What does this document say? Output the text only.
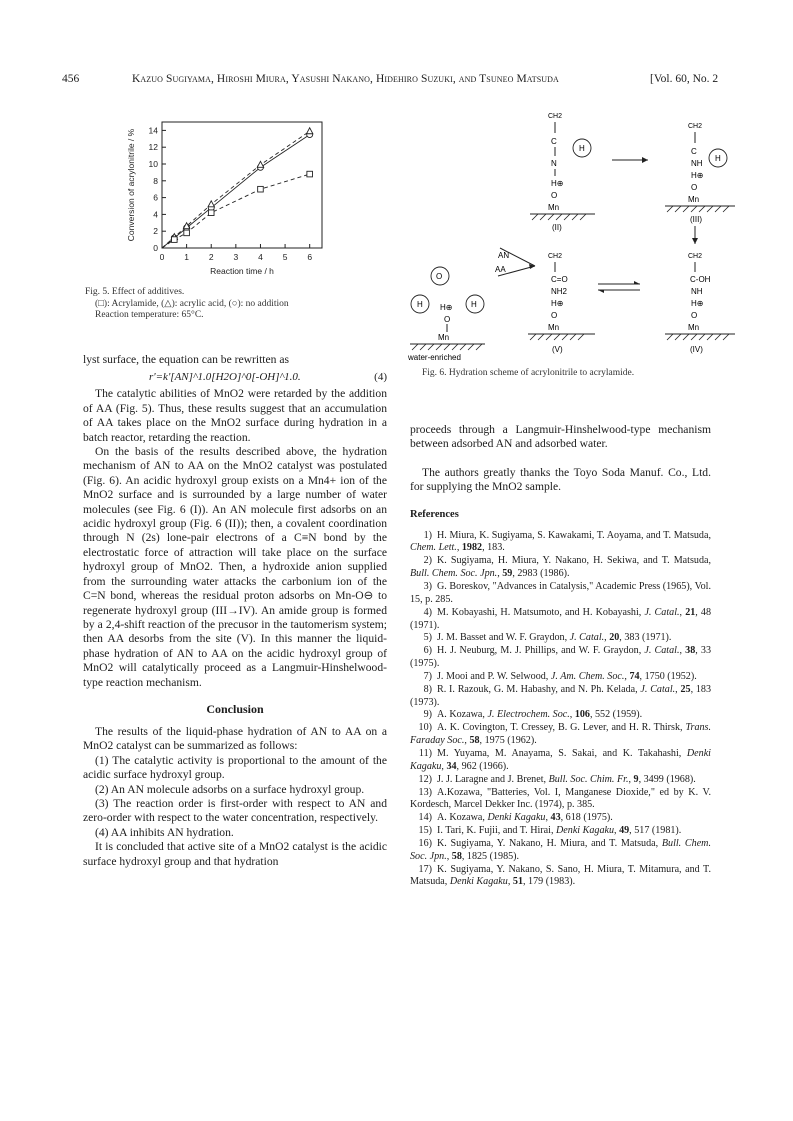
456	Kazuo Sugiyama, Hiroshi Miura, Yasushi Nakano, Hidehiro Suzuki, and Tsuneo Matsuda	[Vol. 60, No. 2
0 1 2 3 4 5 6
0
2
4
6
8
10
12
14
Reaction time / h
Conversion of acrylonitrile / %
Fig. 5. Effect of additives.
(□): Acrylamide, (△): acrylic acid, (○): no addition
Reaction temperature: 65°C.
O
H	H
H⊕
O
Mn
water-enriched
AN
CH2
C
N
H⊕
O
Mn
H
(II)
CH2
C
NH
H⊕
O
Mn
H
(III)
CH2
C-OH
NH
H⊕
O
Mn
(IV)
CH2
C=O
NH2
H⊕
O
Mn
(V)
AA
Fig. 6. Hydration scheme of acrylonitrile to acrylamide.

lyst surface, the equation can be rewritten as

r'=k'[AN]^1.0[H2O]^0[-OH]^1.0.	(4)

The catalytic abilities of MnO2 were retarded by the addition of AA (Fig. 5). Thus, these results suggest that an accumulation of AA takes place on the MnO2 surface during hydration in a batch reactor, retarding the reaction.

On the basis of the results described above, the hydration mechanism of AN to AA on the MnO2 catalyst was postulated (Fig. 6). An acidic hydroxyl group exists on a Mn4+ ion of the MnO2 surface and is surrounded by a large number of water molecules (see Fig. 6 (I)). An AN molecule first adsorbs on an acidic hydroxyl group (Fig. 6 (II)); then, a covalent coordination through N (2s) lone-pair electrons of a C≡N bond by the electrostatic force of attraction will take place on the surface hydroxyl group of MnO2. Then, a hydroxide anion supplied from the surrounding water attacks the carbonium ion of the C=N bond, whereas the residual proton adsorbs on Mn-O⊖ to regenerate hydroxyl group (III→IV). An amide group is formed by a 2,4-shift reaction of the precusor in the tautomerism system; then AA desorbs from the site (V). In this manner the liquid-phase hydration of AN to AA on the acidic hydroxyl group of MnO2 will catalytically proceed as a Langmuir-Hinshelwood-type reaction mechanism.

Conclusion

The results of the liquid-phase hydration of AN to AA on a MnO2 catalyst can be summarized as follows:

(1) The catalytic activity is proportional to the amount of the acidic surface hydroxyl group.

(2) An AN molecule adsorbs on a surface hydroxyl group.

(3) The reaction order is first-order with respect to AN and zero-order with respect to the water concentration, respectively.

(4) AA inhibits AN hydration.

It is concluded that active site of a MnO2 catalyst is the acidic surface hydroxyl group and that hydration

proceeds through a Langmuir-Hinshelwood-type mechanism between adsorbed AN and adsorbed water.

The authors greatly thanks the Toyo Soda Manuf. Co., Ltd. for supplying the MnO2 sample.

References

1) H. Miura, K. Sugiyama, S. Kawakami, T. Aoyama, and T. Matsuda, Chem. Lett., 1982, 183.

2) K. Sugiyama, H. Miura, Y. Nakano, H. Sekiwa, and T. Matsuda, Bull. Chem. Soc. Jpn., 59, 2983 (1986).

3) G. Boreskov, "Advances in Catalysis," Academic Press (1965), Vol. 15, p. 285.

4) M. Kobayashi, H. Matsumoto, and H. Kobayashi, J. Catal., 21, 48 (1971).

5) J. M. Basset and W. F. Graydon, J. Catal., 20, 383 (1971).

6) H. J. Neuburg, M. J. Phillips, and W. F. Graydon, J. Catal., 38, 33 (1975).

7) J. Mooi and P. W. Selwood, J. Am. Chem. Soc., 74, 1750 (1952).

8) R. I. Razouk, G. M. Habashy, and N. Ph. Kelada, J. Catal., 25, 183 (1973).

9) A. Kozawa, J. Electrochem. Soc., 106, 552 (1959).

10) A. K. Covington, T. Cressey, B. G. Lever, and H. R. Thirsk, Trans. Faraday Soc., 58, 1975 (1962).

11) M. Yuyama, M. Anayama, S. Sakai, and K. Takahashi, Denki Kagaku, 34, 962 (1966).

12) J. J. Laragne and J. Brenet, Bull. Soc. Chim. Fr., 9, 3499 (1968).

13) A.Kozawa, "Batteries, Vol. I, Manganese Dioxide," ed by K. V. Kordesch, Marcel Dekker Inc. (1974), p. 385.

14) A. Kozawa, Denki Kagaku, 43, 618 (1975).

15) I. Tari, K. Fujii, and T. Hirai, Denki Kagaku, 49, 517 (1981).

16) K. Sugiyama, Y. Nakano, H. Miura, and T. Matsuda, Bull. Chem. Soc. Jpn., 58, 1825 (1985).

17) K. Sugiyama, Y. Nakano, S. Sano, H. Miura, T. Mitamura, and T. Matsuda, Denki Kagaku, 51, 179 (1983).
